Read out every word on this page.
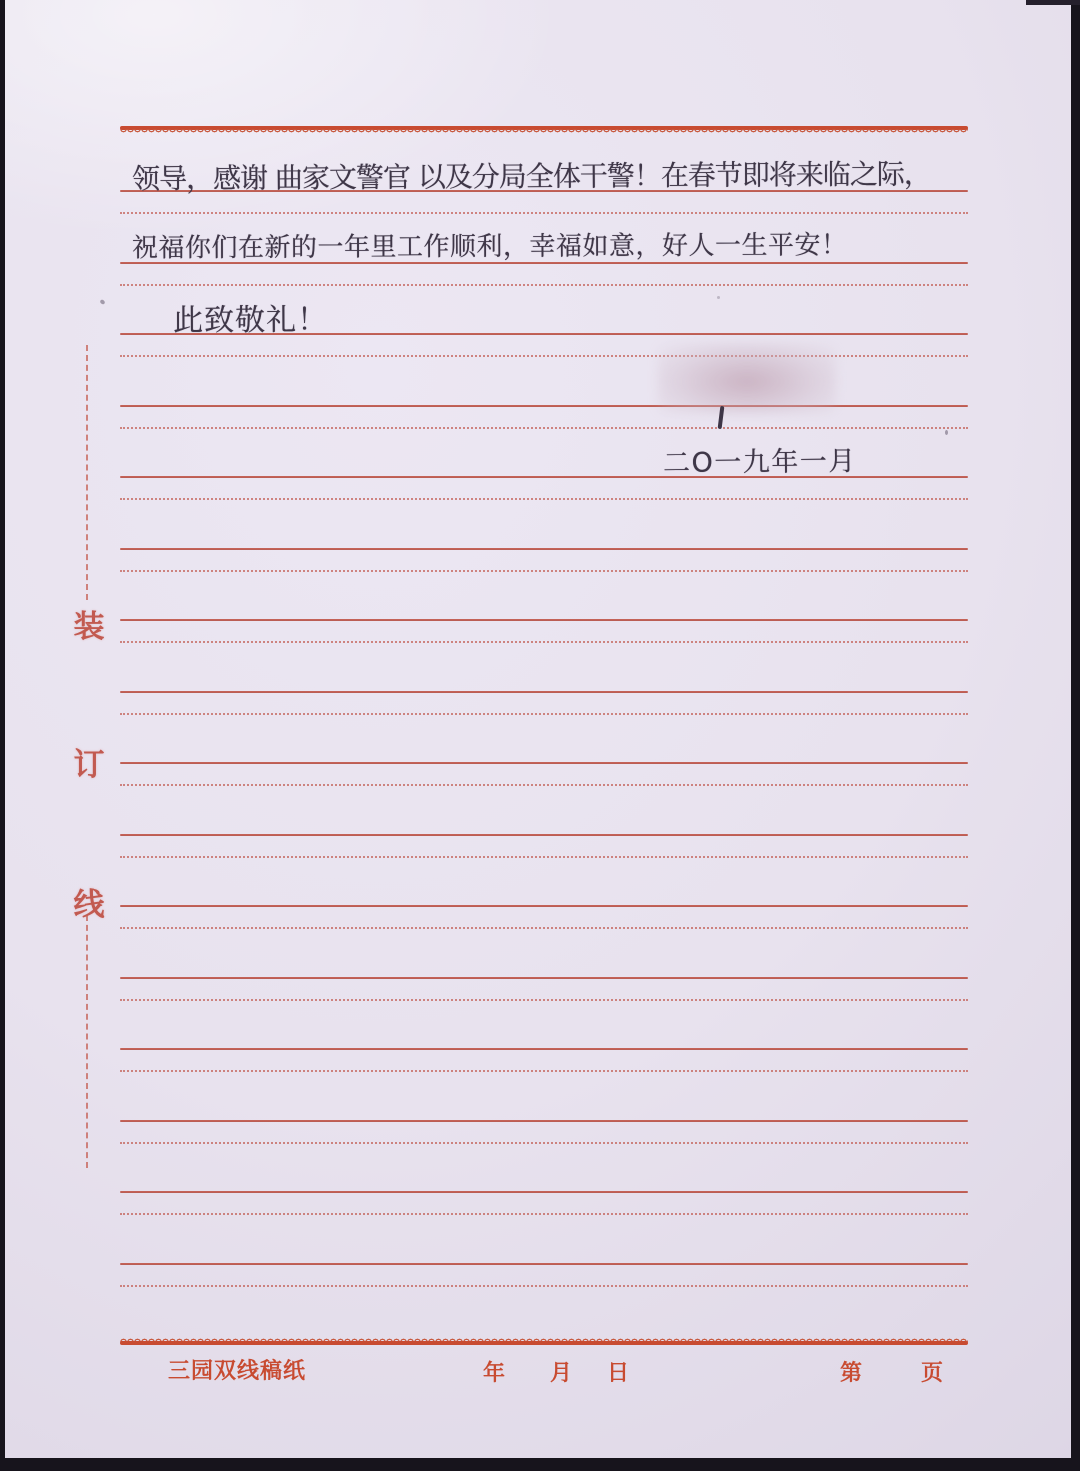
装
订
线
领导，感谢 曲家文警官 以及分局全体干警！在春节即将来临之际，
祝福你们在新的一年里工作顺利，幸福如意，好人一生平安！
此致敬礼！
二O一九年一月
三园双线稿纸	年 月 日	第	页
